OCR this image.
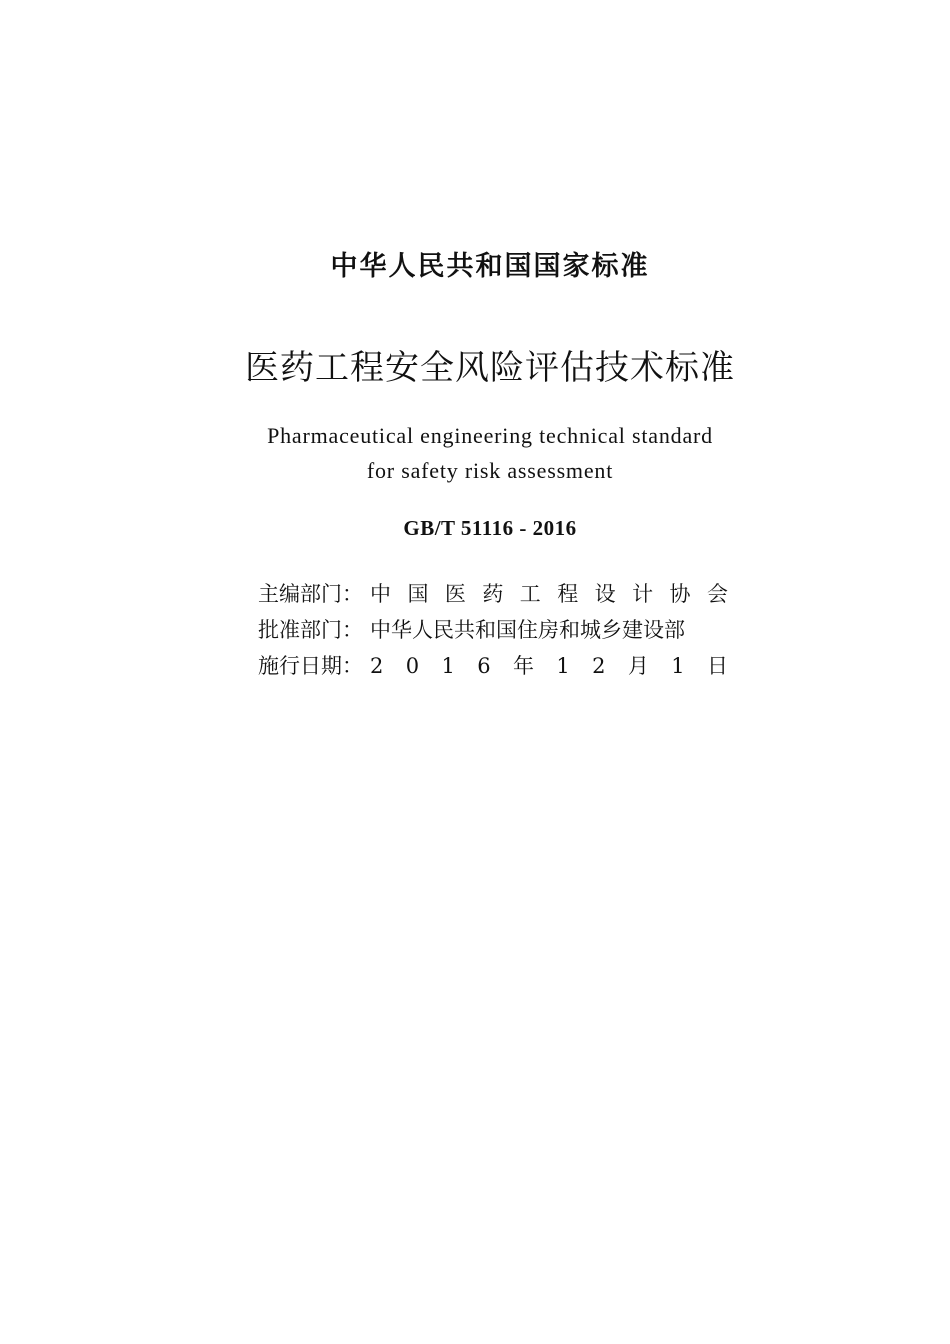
中华人民共和国国家标准
医药工程安全风险评估技术标准
Pharmaceutical engineering technical standard
for safety risk assessment
GB/T 51116 - 2016
主编部门： 中 国 医 药 工 程 设 计 协 会
批准部门： 中华人民共和国住房和城乡建设部
施行日期： 2 0 1 6 年 1 2 月 1 日
